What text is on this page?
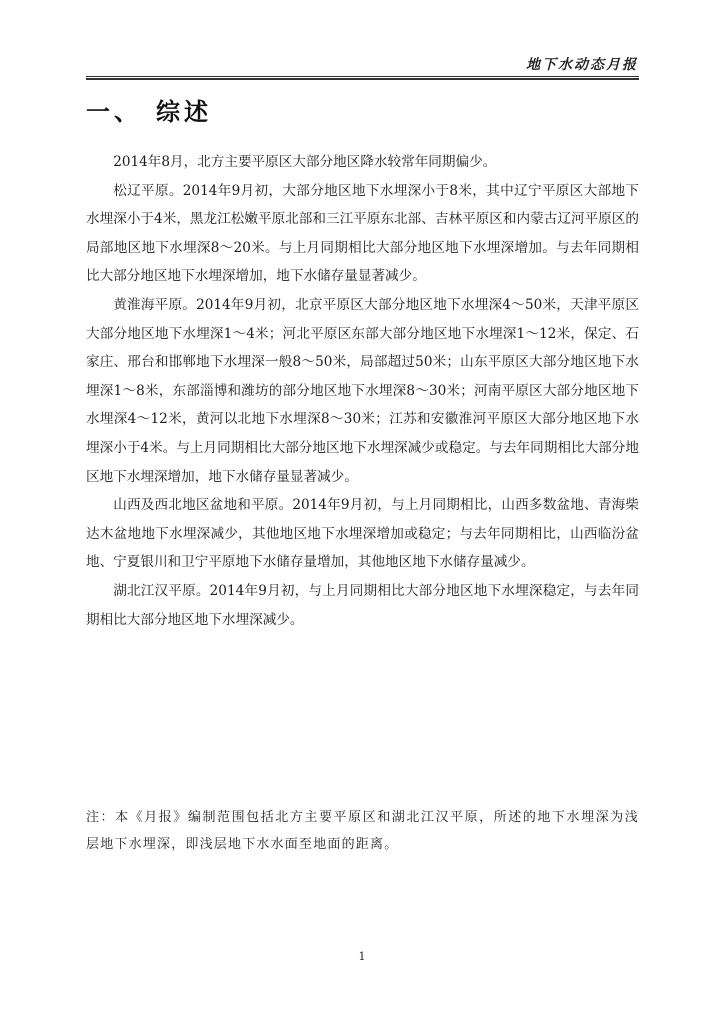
地下水动态月报
一、 综述

2014年8月，北方主要平原区大部分地区降水较常年同期偏少。

松辽平原。2014年9月初，大部分地区地下水埋深小于8米，其中辽宁平原区大部地下水埋深小于4米，黑龙江松嫩平原北部和三江平原东北部、吉林平原区和内蒙古辽河平原区的局部地区地下水埋深8～20米。与上月同期相比大部分地区地下水埋深增加。与去年同期相比大部分地区地下水埋深增加，地下水储存量显著减少。

黄淮海平原。2014年9月初，北京平原区大部分地区地下水埋深4～50米，天津平原区大部分地区地下水埋深1～4米；河北平原区东部大部分地区地下水埋深1～12米，保定、石家庄、邢台和邯郸地下水埋深一般8～50米，局部超过50米；山东平原区大部分地区地下水埋深1～8米，东部淄博和潍坊的部分地区地下水埋深8～30米；河南平原区大部分地区地下水埋深4～12米，黄河以北地下水埋深8～30米；江苏和安徽淮河平原区大部分地区地下水埋深小于4米。与上月同期相比大部分地区地下水埋深减少或稳定。与去年同期相比大部分地区地下水埋深增加，地下水储存量显著减少。

山西及西北地区盆地和平原。2014年9月初，与上月同期相比，山西多数盆地、青海柴达木盆地地下水埋深减少，其他地区地下水埋深增加或稳定；与去年同期相比，山西临汾盆地、宁夏银川和卫宁平原地下水储存量增加，其他地区地下水储存量减少。

湖北江汉平原。2014年9月初，与上月同期相比大部分地区地下水埋深稳定，与去年同期相比大部分地区地下水埋深减少。

注：本《月报》编制范围包括北方主要平原区和湖北江汉平原，所述的地下水埋深为浅层地下水埋深，即浅层地下水水面至地面的距离。
1
